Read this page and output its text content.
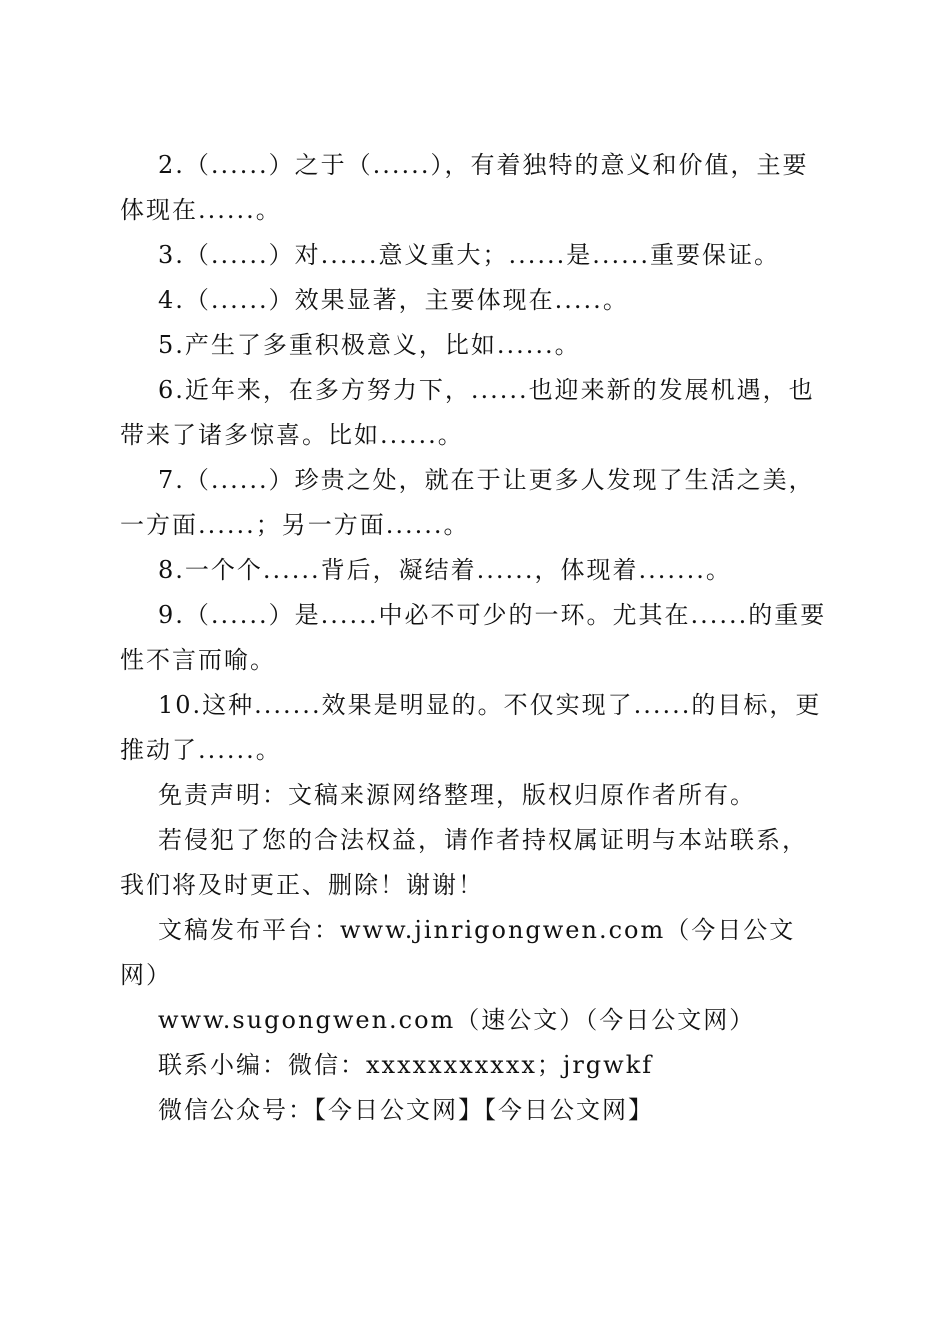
2.（......）之于（......），有着独特的意义和价值，主要体现在......。

3.（......）对......意义重大；......是......重要保证。

4.（......）效果显著，主要体现在.....。

5.产生了多重积极意义，比如......。

6.近年来，在多方努力下，......也迎来新的发展机遇，也带来了诸多惊喜。比如......。

7.（......）珍贵之处，就在于让更多人发现了生活之美，一方面......；另一方面......。

8.一个个......背后，凝结着......，体现着.......。

9.（......）是......中必不可少的一环。尤其在......的重要性不言而喻。

10.这种.......效果是明显的。不仅实现了......的目标，更推动了......。

免责声明：文稿来源网络整理，版权归原作者所有。

若侵犯了您的合法权益，请作者持权属证明与本站联系，我们将及时更正、删除！谢谢！

文稿发布平台：www.jinrigongwen.com（今日公文网）

www.sugongwen.com（速公文）（今日公文网）

联系小编：微信：xxxxxxxxxxx；jrgwkf

微信公众号：【今日公文网】【今日公文网】
